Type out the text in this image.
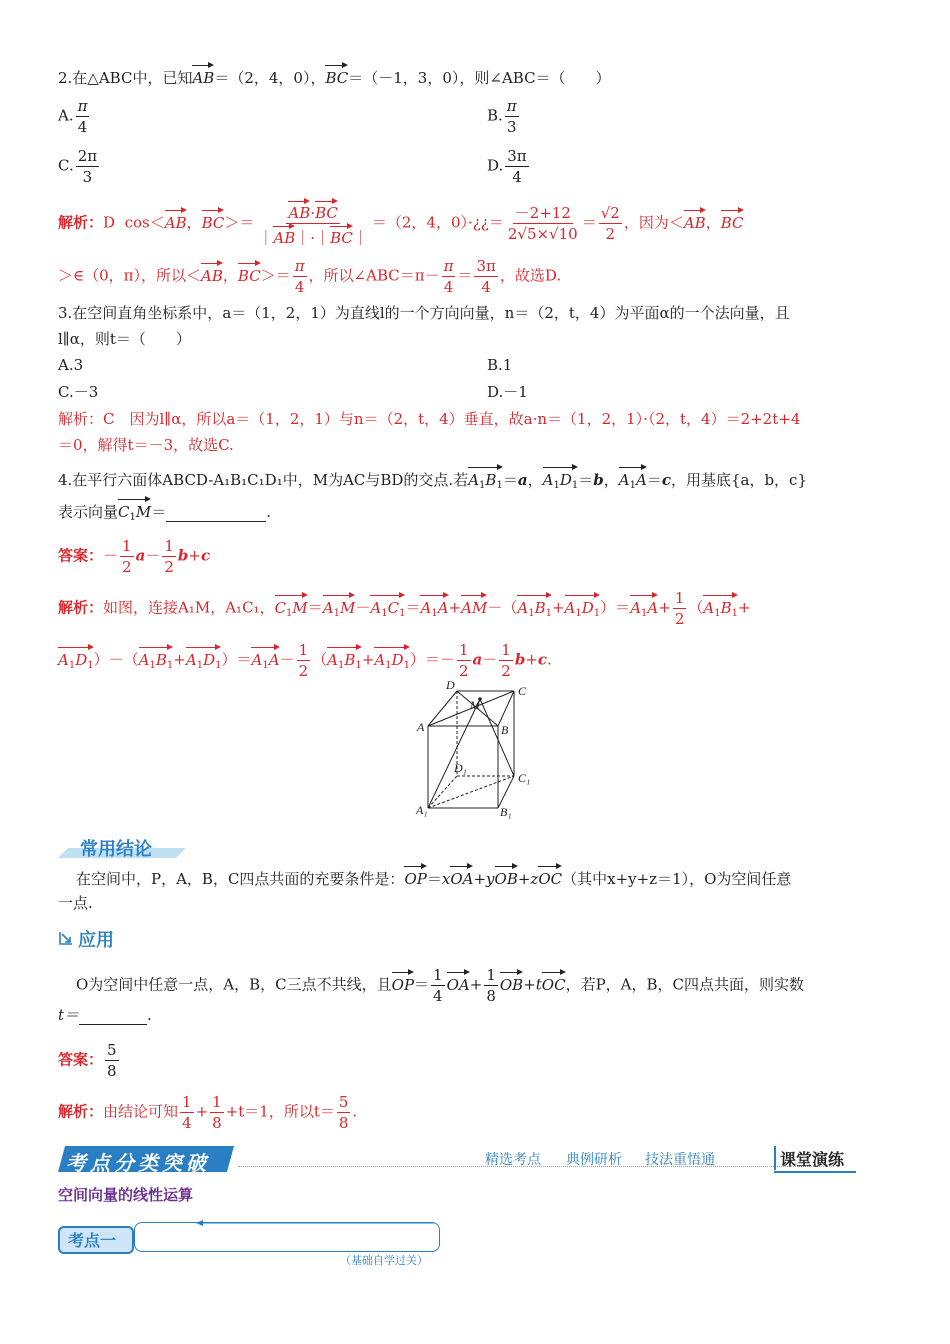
2.在△ABC中，已知AB＝（2，4，0），BC＝（－1，3，0），则∠ABC＝（　　）
A. $\frac{\pi}{4}$	B. $\frac{\pi}{3}$
C. $\frac{2\pi}{3}$	D. $\frac{3\pi}{4}$
解析：D cos＜AB，$BC>= \frac{AB\cdot BC}{|AB|\cdot|BC|} =(2$，4，0）·¿¿＝ $\frac{-2+12}{2√5\times√10} = \frac{√2}{2}$ ，因为＜AB，BC
＞∈（0，π），所以＜AB，$BC>= \frac{\pi}{4}$ ，所以∠ABC＝π－ $\frac{\pi}{4} = \frac{3\pi}{4}$ ，故选D.
3.在空间直角坐标系中，a＝（1，2，1）为直线l的一个方向向量，n＝（2，t，4）为平面α的一个法向量，且
l∥α，则t＝（　　）
A.3	B.1
C.－3	D.－1
解析：C　因为l∥α，所以a＝（1，2，1）与n＝（2，t，4）垂直，故a·n＝（1，2，1）·（2，t，4）＝2+2t+4
＝0，解得t＝－3，故选C.
4.在平行六面体ABCD-A₁B₁C₁D₁中，M为AC与BD的交点.若$A_1B_1=a$，$A_1D_1=b$，$A_1A=c$，用基底{a，b，c}
表示向量$C_1M=$	.
答案：－ $\frac{1}{2} a- \frac{1}{2} b+c$
解析：如图，连接A₁M，A₁C₁，$C_1M=A_1M-A_1C_1=A_1A+AM-(A_1B_1+A_1D_1)=A_1A+ \frac{1}{2} (A_1B_1+$
$A_1D_1)-(A_1B_1+A_1D_1)=A_1A- \frac{1}{2} (A_1B_1+A_1D_1)=- \frac{1}{2} a- \frac{1}{2} b+c$.
D
M
C
A	B
D₁
C₁
A₁	B₁
常用结论
在空间中，P，A，B，C四点共面的充要条件是：OP＝xOA+yOB+zOC（其中x+y+z＝1），O为空间任意
一点.
应用
O为空间中任意一点，A，B，C三点不共线，且$OP= \frac{1}{4} OA+ \frac{1}{8} OB+tOC$，若P，A，B，C四点共面，则实数
t＝	.
答案： $\frac{5}{8}$
解析：由结论可知 $\frac{1}{4} + \frac{1}{8} +t=1$，所以$t= \frac{5}{8}$ .
考点分类突破	精选考点 典例研析 技法重悟通	课堂演练
空间向量的线性运算
考点一
（基础自学过关）
